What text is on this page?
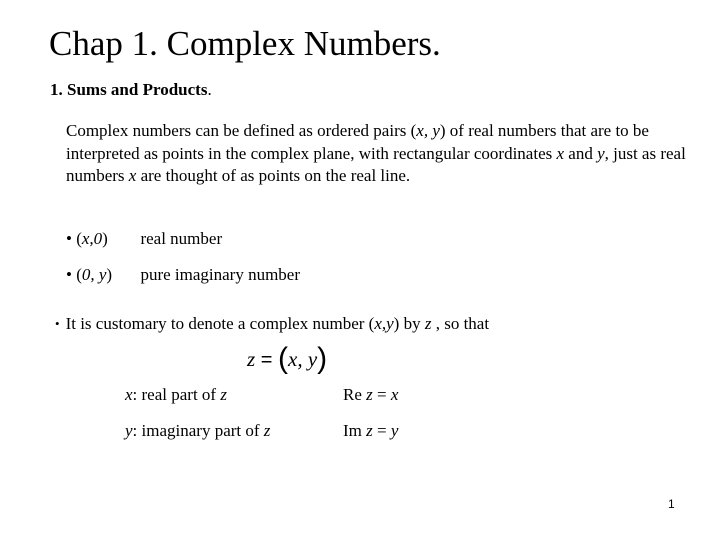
Chap 1. Complex Numbers.
1. Sums and Products.
Complex numbers can be defined as ordered pairs (x, y) of real numbers that are to be interpreted as points in the complex plane, with rectangular coordinates x and y, just as real numbers x are thought of as points on the real line.
• (x,0) real number
• (0, y) pure imaginary number
• It is customary to denote a complex number (x,y) by z , so that
z = (x, y)
x: real part of z	Re z = x
y: imaginary part of z	Im z = y
1
